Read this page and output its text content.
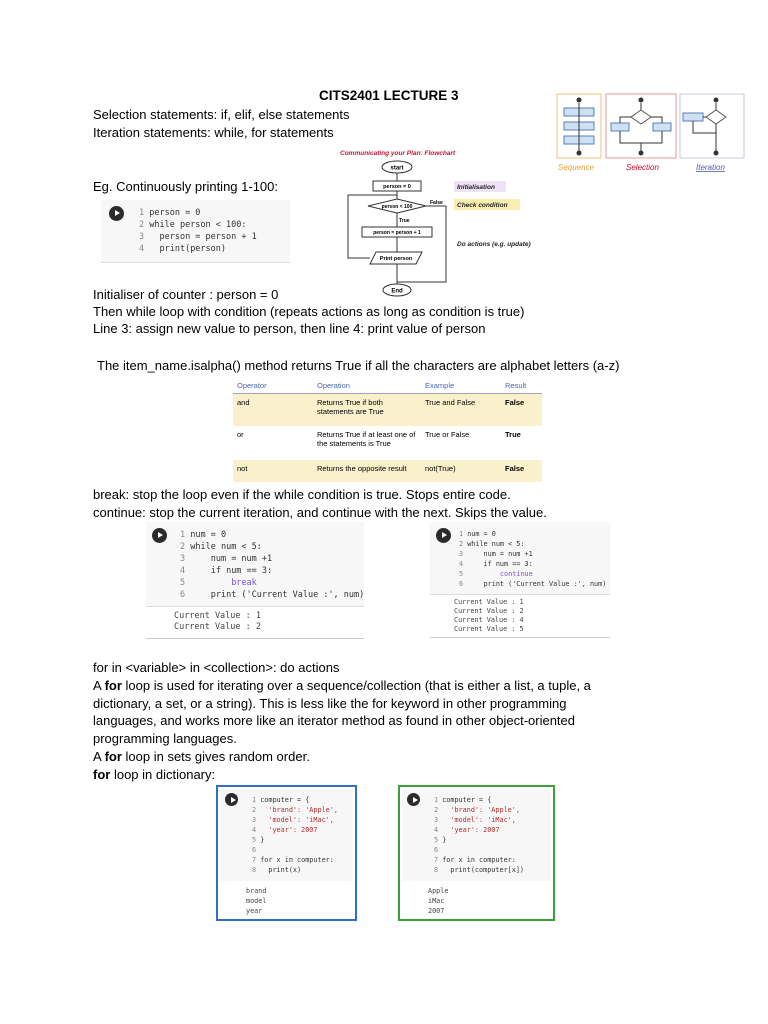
CITS2401 LECTURE 3
Selection statements: if, elif, else statements
Iteration statements: while, for statements
Eg. Continuously printing 1-100:
Sequence	Selection	Iteration
Communicating your Plan: Flowchart
start
person = 0
person < 100
False
True
person = person + 1
Print person
End
Initialisation
Check condition
Do actions (e.g. update)
1 person = 0
2 while person < 100:
3   person = person + 1
4   print(person)
Initialiser of counter : person = 0
Then while loop with condition (repeats actions as long as condition is true)
Line 3: assign new value to person, then line 4: print value of person
The item_name.isalpha() method returns True if all the characters are alphabet letters (a-z)
Operator	Operation	Example	Result
and	Returns True if both statements are True	True and False	False
or	Returns True if at least one of the statements is True	True or False	True
not	Returns the opposite result	not(True)	False
break: stop the loop even if the while condition is true. Stops entire code.
continue: stop the current iteration, and continue with the next. Skips the value.
1 num = 0
2 while num < 5:
3     num = num +1
4     if num == 3:
5         break
6     print ('Current Value :', num)
Current Value : 1
Current Value : 2
1 num = 0
2 while num < 5:
3     num = num +1
4     if num == 3:
5         continue
6     print ('Current Value :', num)
Current Value : 1
Current Value : 2
Current Value : 4
Current Value : 5
for in <variable> in <collection>: do actions
A for loop is used for iterating over a sequence/collection (that is either a list, a tuple, a
dictionary, a set, or a string). This is less like the for keyword in other programming
languages, and works more like an iterator method as found in other object-oriented
programming languages.
A for loop in sets gives random order.
for loop in dictionary:
1 computer = {
2   'brand': 'Apple',
3   'model': 'iMac',
4   'year': 2007
5 }
6
7 for x in computer:
8   print(x)
brand
model
year
1 computer = {
2   'brand': 'Apple',
3   'model': 'iMac',
4   'year': 2007
5 }
6
7 for x in computer:
8   print(computer[x])
Apple
iMac
2007
